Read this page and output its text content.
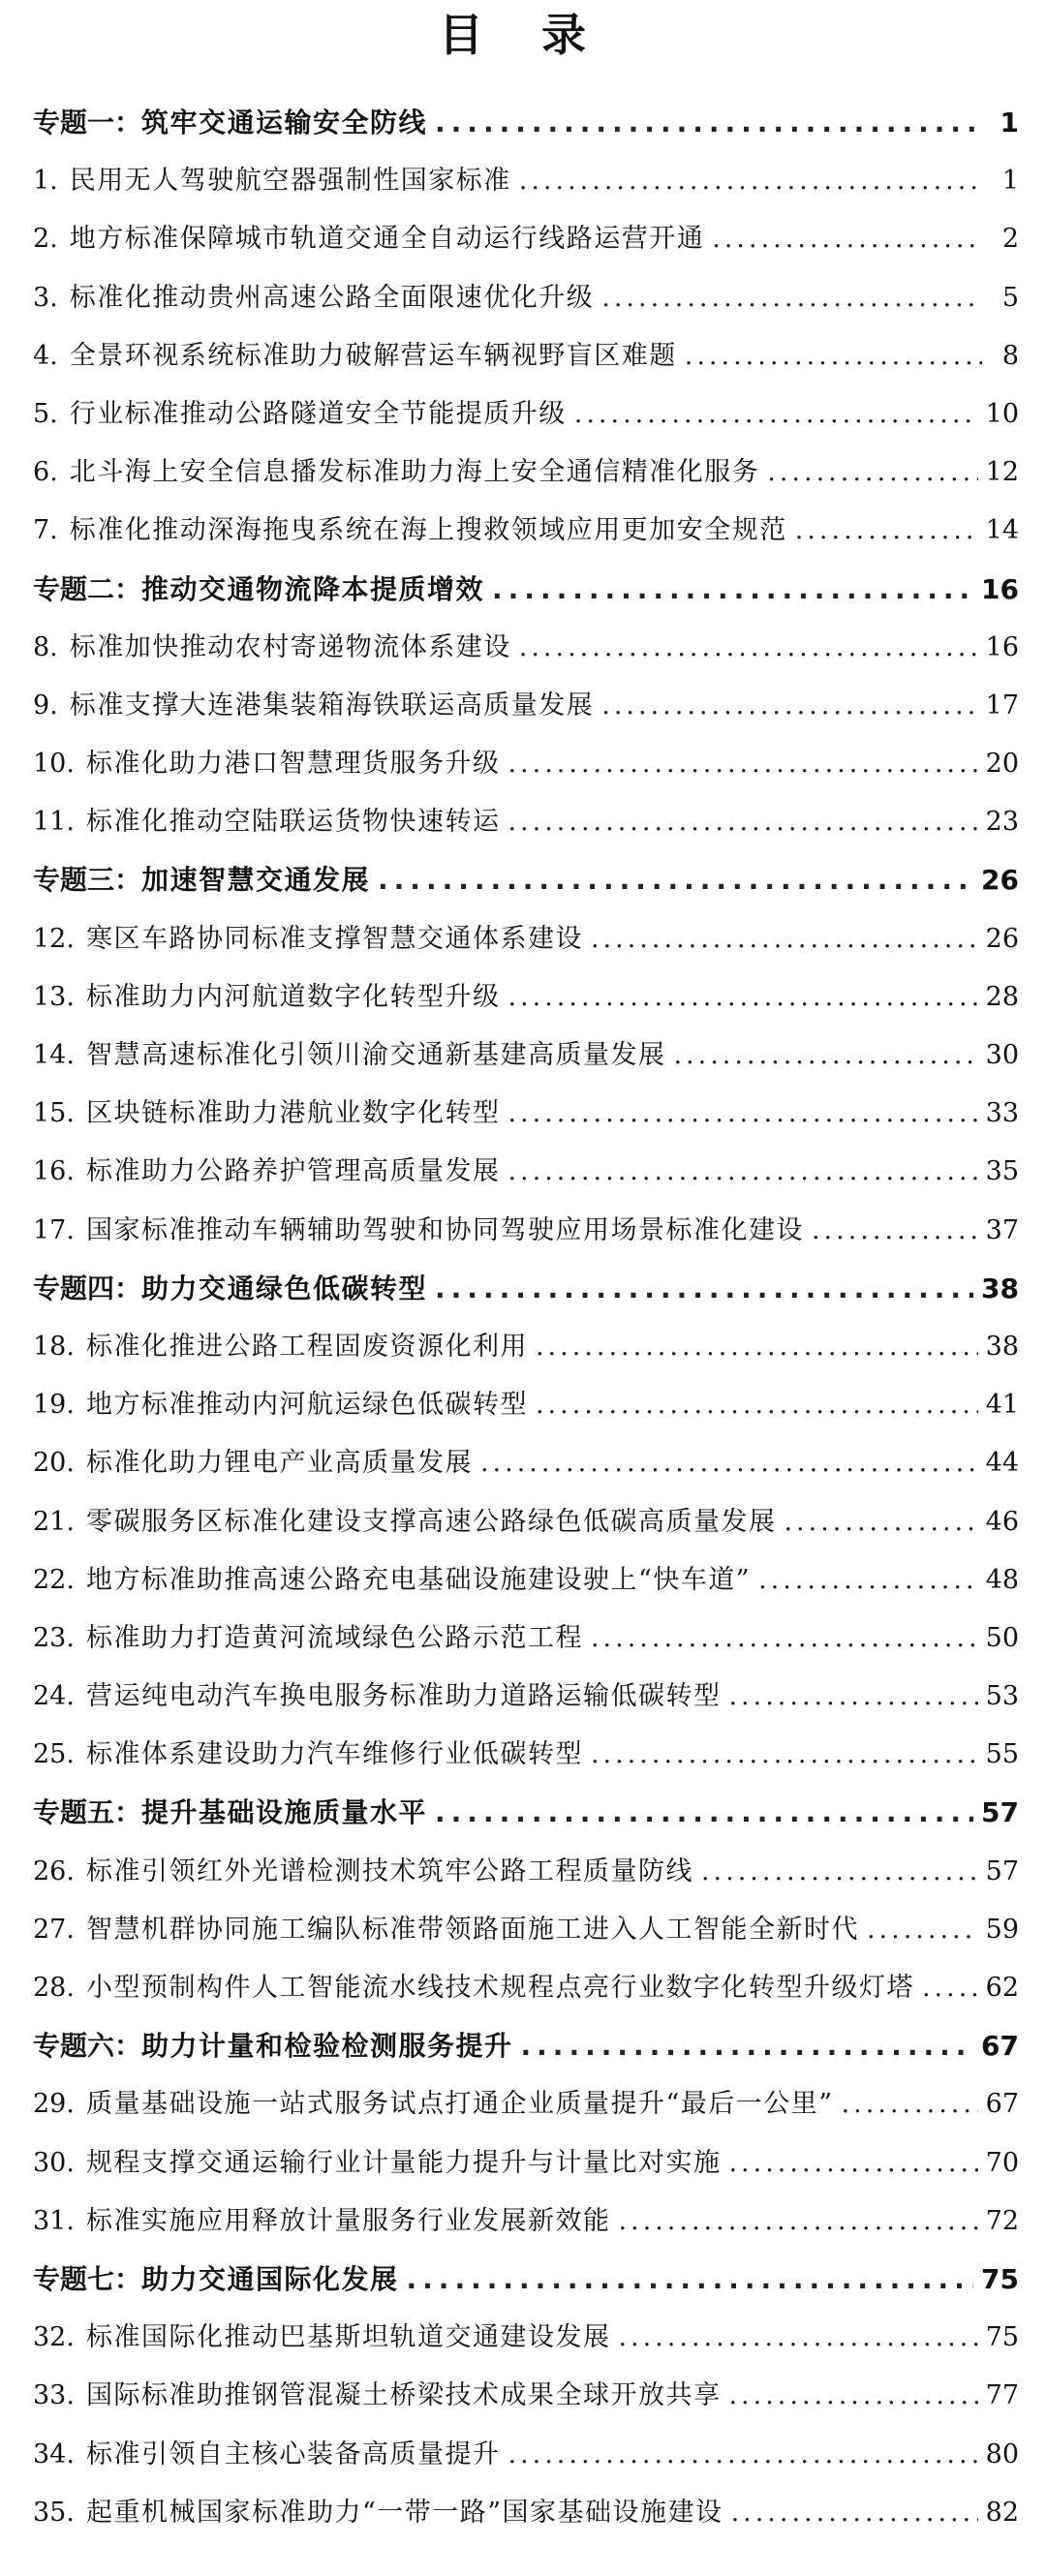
目 录
专题一： 筑牢交通运输安全防线 .....	1
1. 民用无人驾驶航空器强制性国家标准 .....	1
2. 地方标准保障城市轨道交通全自动运行线路运营开通 .....	2
3. 标准化推动贵州高速公路全面限速优化升级 .....	5
4. 全景环视系统标准助力破解营运车辆视野盲区难题 .....	8
5. 行业标准推动公路隧道安全节能提质升级 .....	10
6. 北斗海上安全信息播发标准助力海上安全通信精准化服务 .....	12
7. 标准化推动深海拖曳系统在海上搜救领域应用更加安全规范 .....	14
专题二： 推动交通物流降本提质增效 .....	16
8. 标准加快推动农村寄递物流体系建设 .....	16
9. 标准支撑大连港集装箱海铁联运高质量发展 .....	17
10. 标准化助力港口智慧理货服务升级 .....	20
11. 标准化推动空陆联运货物快速转运 .....	23
专题三： 加速智慧交通发展 .....	26
12. 寒区车路协同标准支撑智慧交通体系建设 .....	26
13. 标准助力内河航道数字化转型升级 .....	28
14. 智慧高速标准化引领川渝交通新基建高质量发展 .....	30
15. 区块链标准助力港航业数字化转型 .....	33
16. 标准助力公路养护管理高质量发展 .....	35
17. 国家标准推动车辆辅助驾驶和协同驾驶应用场景标准化建设 .....	37
专题四： 助力交通绿色低碳转型 .....	38
18. 标准化推进公路工程固废资源化利用 .....	38
19. 地方标准推动内河航运绿色低碳转型 .....	41
20. 标准化助力锂电产业高质量发展 .....	44
21. 零碳服务区标准化建设支撑高速公路绿色低碳高质量发展 .....	46
22. 地方标准助推高速公路充电基础设施建设驶上“快车道” .....	48
23. 标准助力打造黄河流域绿色公路示范工程 .....	50
24. 营运纯电动汽车换电服务标准助力道路运输低碳转型 .....	53
25. 标准体系建设助力汽车维修行业低碳转型 .....	55
专题五： 提升基础设施质量水平 .....	57
26. 标准引领红外光谱检测技术筑牢公路工程质量防线 .....	57
27. 智慧机群协同施工编队标准带领路面施工进入人工智能全新时代 .....	59
28. 小型预制构件人工智能流水线技术规程点亮行业数字化转型升级灯塔 .....	62
专题六： 助力计量和检验检测服务提升 .....	67
29. 质量基础设施一站式服务试点打通企业质量提升“最后一公里” .....	67
30. 规程支撑交通运输行业计量能力提升与计量比对实施 .....	70
31. 标准实施应用释放计量服务行业发展新效能 .....	72
专题七： 助力交通国际化发展 .....	75
32. 标准国际化推动巴基斯坦轨道交通建设发展 .....	75
33. 国际标准助推钢管混凝土桥梁技术成果全球开放共享 .....	77
34. 标准引领自主核心装备高质量提升 .....	80
35. 起重机械国家标准助力“一带一路”国家基础设施建设 .....	82
